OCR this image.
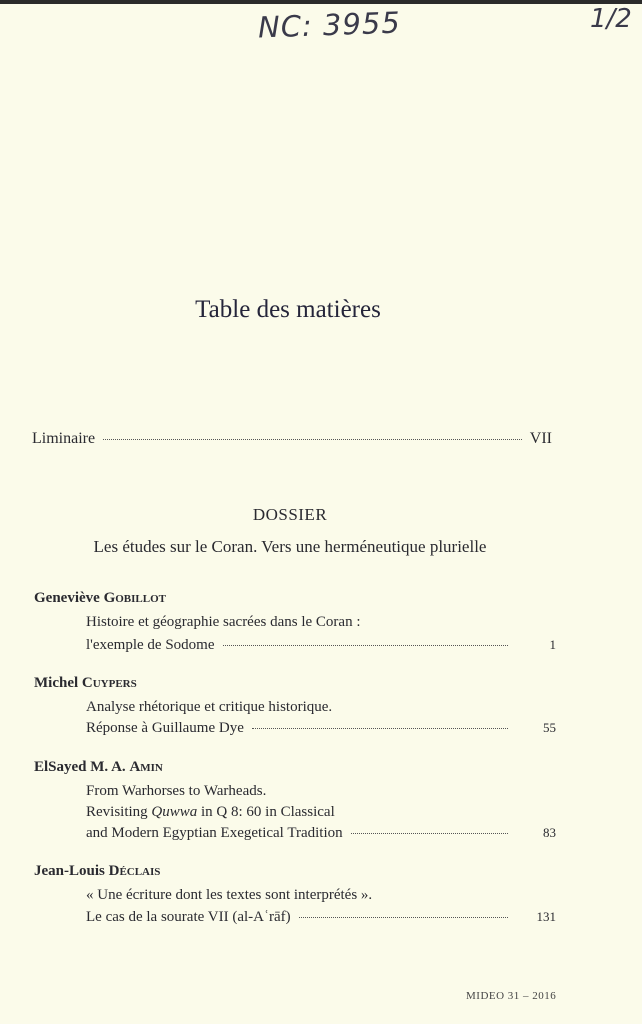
NC: 3955	1/2
Table des matières
Liminaire	VII
DOSSIER
Les études sur le Coran. Vers une herméneutique plurielle
Geneviève Gobillot
Histoire et géographie sacrées dans le Coran :
l'exemple de Sodome	1
Michel Cuypers
Analyse rhétorique et critique historique.
Réponse à Guillaume Dye	55
ElSayed M. A. Amin
From Warhorses to Warheads.
Revisiting Quwwa in Q 8: 60 in Classical
and Modern Egyptian Exegetical Tradition	83
Jean-Louis Déclais
« Une écriture dont les textes sont interprétés ».
Le cas de la sourate VII (al-Aʿrāf)	131
MIDEO 31 – 2016
